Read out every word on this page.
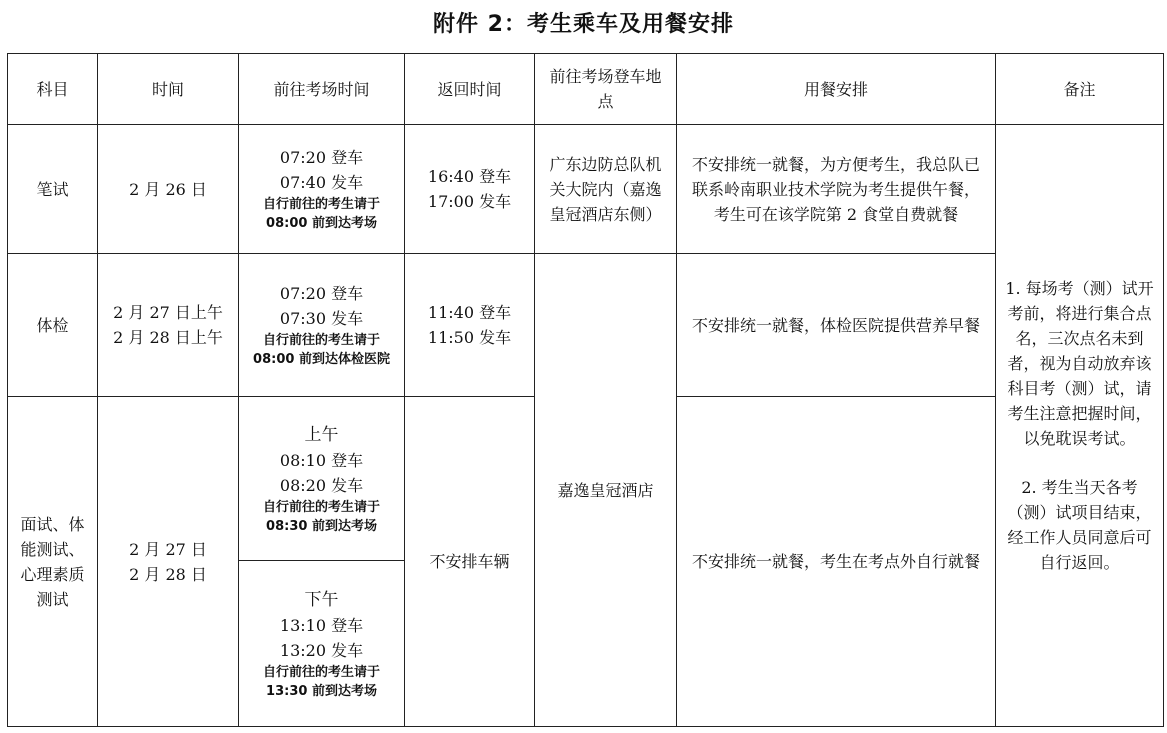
附件 2：考生乘车及用餐安排
科目	时间	前往考场时间	返回时间	前往考场登车地点	用餐安排	备注
笔试	2 月 26 日	07:20 登车
07:40 发车
自行前往的考生请于
08:00 前到达考场	16:40 登车
17:00 发车	广东边防总队机关大院内（嘉逸皇冠酒店东侧）	不安排统一就餐，为方便考生，我总队已联系岭南职业技术学院为考生提供午餐，考生可在该学院第 2 食堂自费就餐	1. 每场考（测）试开考前，将进行集合点名，三次点名未到者，视为自动放弃该科目考（测）试，请考生注意把握时间，以免耽误考试。
2. 考生当天各考（测）试项目结束，经工作人员同意后可自行返回。

体检	2 月 27 日上午
2 月 28 日上午	07:20 登车
07:30 发车
自行前往的考生请于
08:00 前到达体检医院	11:40 登车
11:50 发车	嘉逸皇冠酒店	不安排统一就餐，体检医院提供营养早餐	
面试、体能测试、心理素质测试	2 月 27 日
2 月 28 日	上午
08:10 登车
08:20 发车
自行前往的考生请于
08:30 前到达考场	不安排车辆		不安排统一就餐，考生在考点外自行就餐	

		下午
13:10 登车
13:20 发车
自行前往的考生请于
13:30 前到达考场				
